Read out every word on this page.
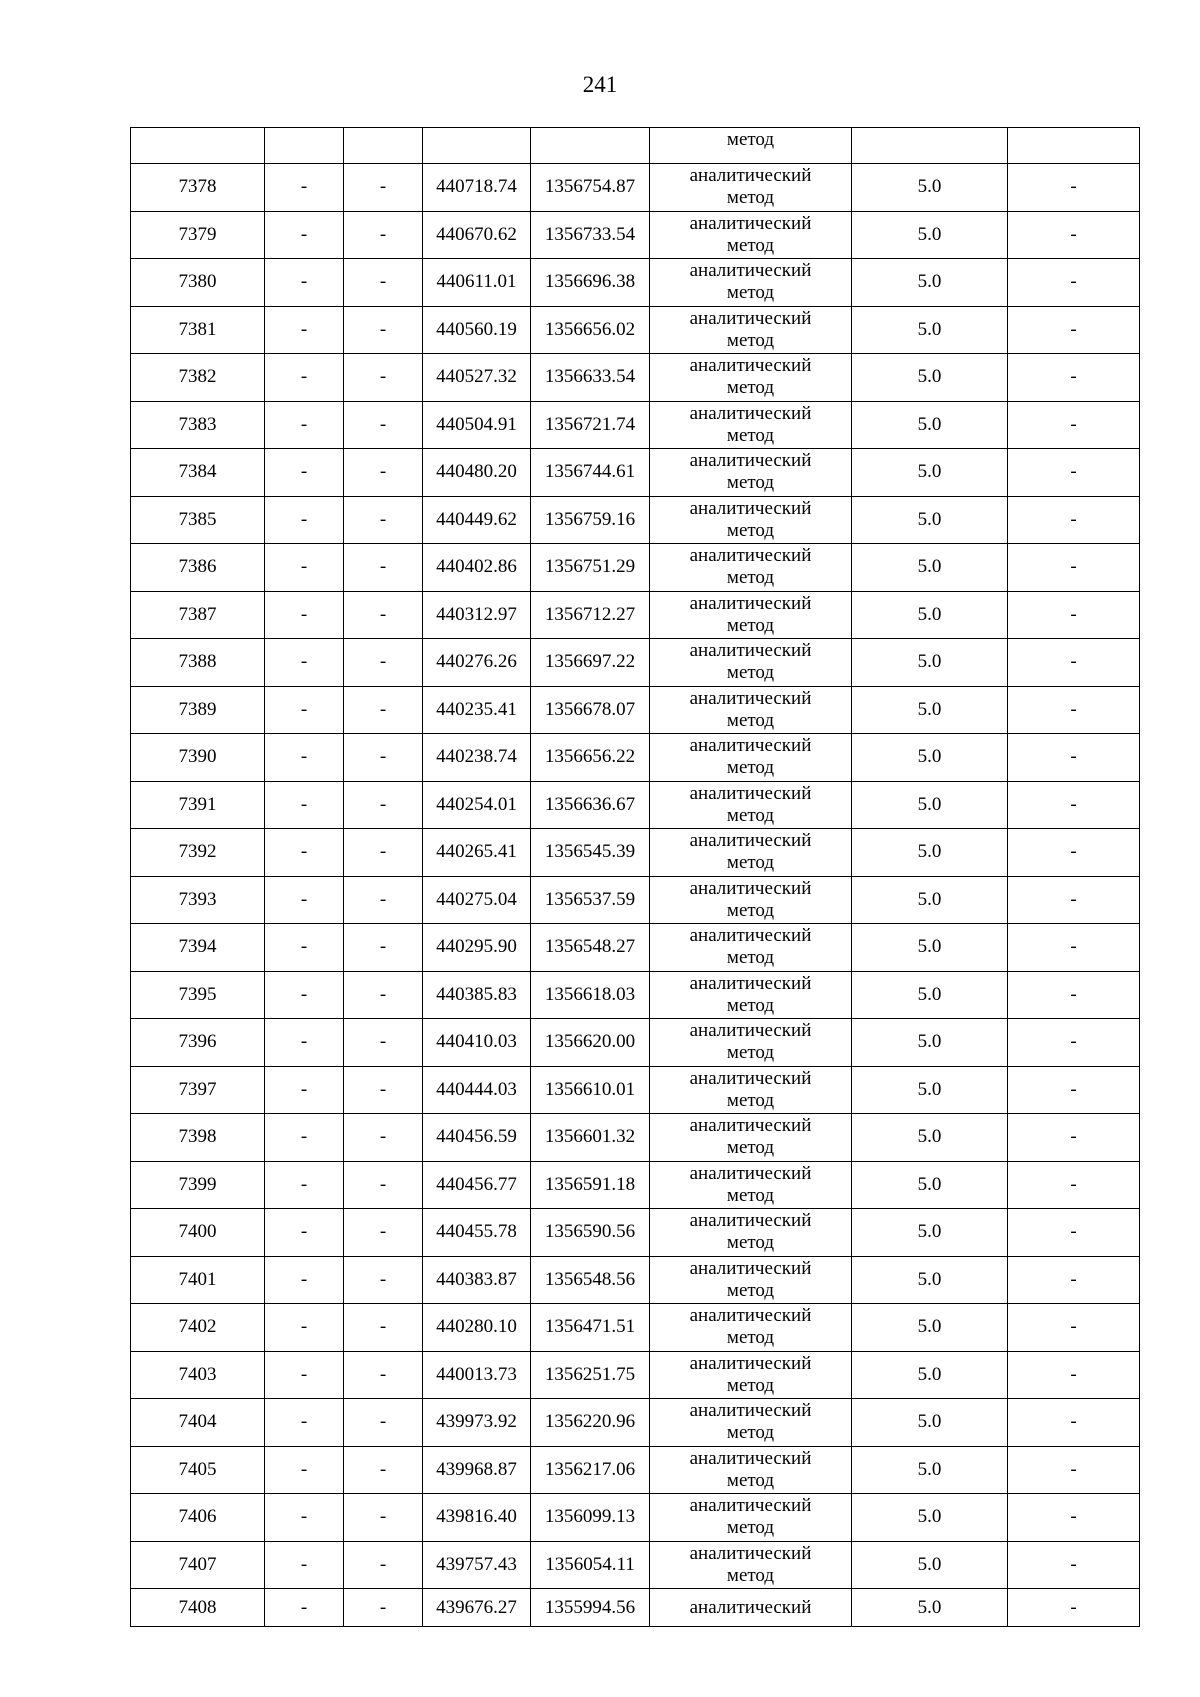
241

					метод		

7378	-	-	440718.74	1356754.87	аналитический
метод	5.0	-
7379	-	-	440670.62	1356733.54	аналитический
метод	5.0	-
7380	-	-	440611.01	1356696.38	аналитический
метод	5.0	-
7381	-	-	440560.19	1356656.02	аналитический
метод	5.0	-
7382	-	-	440527.32	1356633.54	аналитический
метод	5.0	-
7383	-	-	440504.91	1356721.74	аналитический
метод	5.0	-
7384	-	-	440480.20	1356744.61	аналитический
метод	5.0	-
7385	-	-	440449.62	1356759.16	аналитический
метод	5.0	-
7386	-	-	440402.86	1356751.29	аналитический
метод	5.0	-
7387	-	-	440312.97	1356712.27	аналитический
метод	5.0	-
7388	-	-	440276.26	1356697.22	аналитический
метод	5.0	-
7389	-	-	440235.41	1356678.07	аналитический
метод	5.0	-
7390	-	-	440238.74	1356656.22	аналитический
метод	5.0	-
7391	-	-	440254.01	1356636.67	аналитический
метод	5.0	-
7392	-	-	440265.41	1356545.39	аналитический
метод	5.0	-
7393	-	-	440275.04	1356537.59	аналитический
метод	5.0	-
7394	-	-	440295.90	1356548.27	аналитический
метод	5.0	-
7395	-	-	440385.83	1356618.03	аналитический
метод	5.0	-
7396	-	-	440410.03	1356620.00	аналитический
метод	5.0	-
7397	-	-	440444.03	1356610.01	аналитический
метод	5.0	-
7398	-	-	440456.59	1356601.32	аналитический
метод	5.0	-
7399	-	-	440456.77	1356591.18	аналитический
метод	5.0	-
7400	-	-	440455.78	1356590.56	аналитический
метод	5.0	-
7401	-	-	440383.87	1356548.56	аналитический
метод	5.0	-
7402	-	-	440280.10	1356471.51	аналитический
метод	5.0	-
7403	-	-	440013.73	1356251.75	аналитический
метод	5.0	-
7404	-	-	439973.92	1356220.96	аналитический
метод	5.0	-
7405	-	-	439968.87	1356217.06	аналитический
метод	5.0	-
7406	-	-	439816.40	1356099.13	аналитический
метод	5.0	-
7407	-	-	439757.43	1356054.11	аналитический
метод	5.0	-
7408	-	-	439676.27	1355994.56	аналитический	5.0	-
